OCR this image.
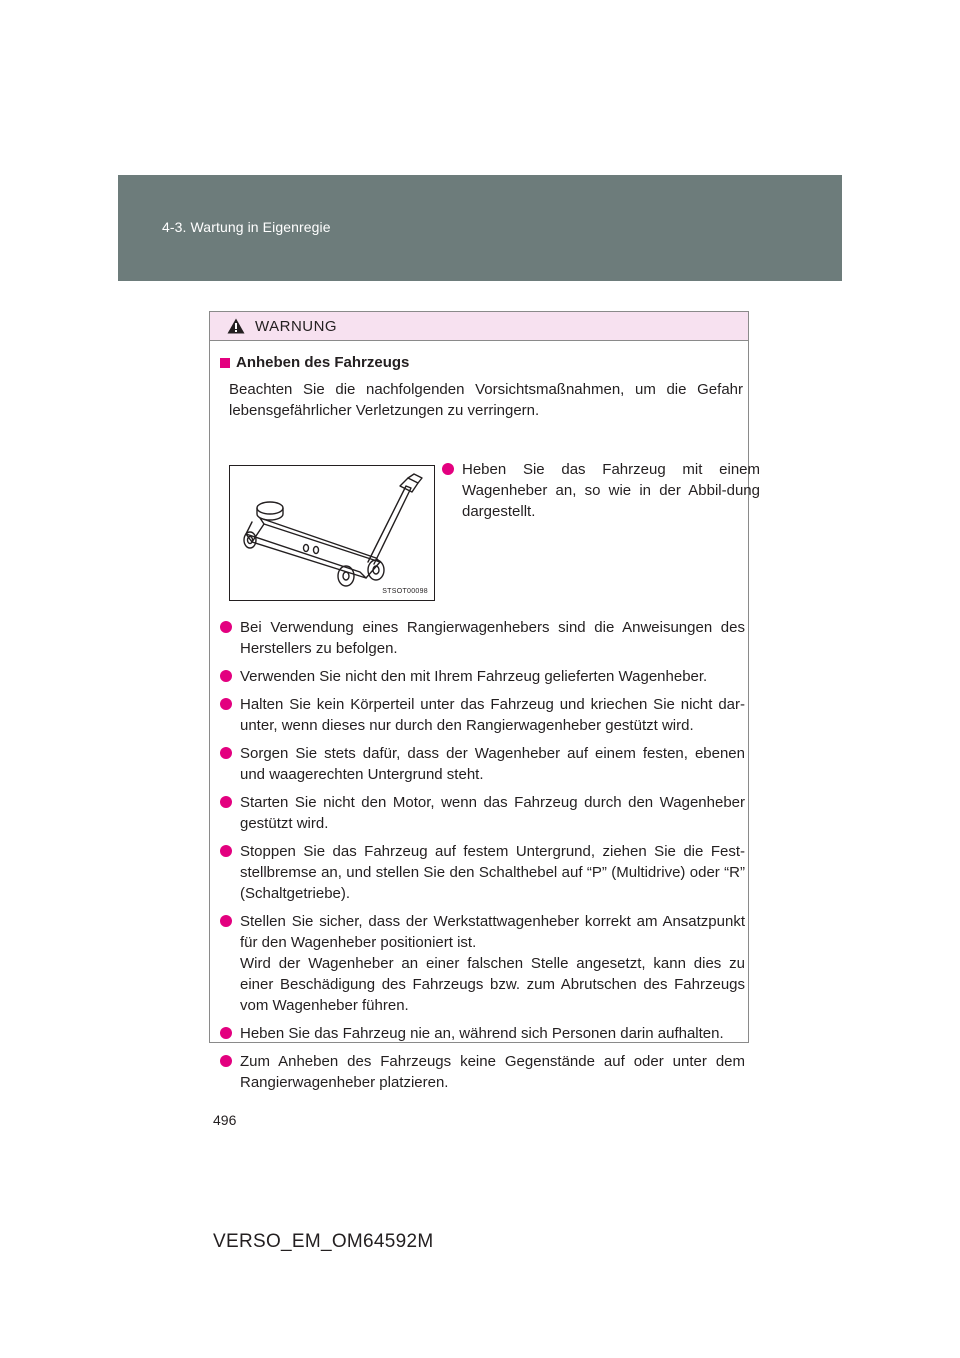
4-3. Wartung in Eigenregie
WARNUNG
Anheben des Fahrzeugs

Beachten Sie die nachfolgenden Vorsichtsmaßnahmen, um die Gefahr lebensgefährlicher Verletzungen zu verringern.

STSOT00098
Heben Sie das Fahrzeug mit einem Wagenheber an, so wie in der Abbil-dung dargestellt.
Bei Verwendung eines Rangierwagenhebers sind die Anweisungen des Herstellers zu befolgen.
Verwenden Sie nicht den mit Ihrem Fahrzeug gelieferten Wagenheber.
Halten Sie kein Körperteil unter das Fahrzeug und kriechen Sie nicht dar-unter, wenn dieses nur durch den Rangierwagenheber gestützt wird.
Sorgen Sie stets dafür, dass der Wagenheber auf einem festen, ebenen und waagerechten Untergrund steht.
Starten Sie nicht den Motor, wenn das Fahrzeug durch den Wagenheber gestützt wird.
Stoppen Sie das Fahrzeug auf festem Untergrund, ziehen Sie die Fest-stellbremse an, und stellen Sie den Schalthebel auf “P” (Multidrive) oder “R” (Schaltgetriebe).
Stellen Sie sicher, dass der Werkstattwagenheber korrekt am Ansatzpunkt für den Wagenheber positioniert ist.
Wird der Wagenheber an einer falschen Stelle angesetzt, kann dies zu einer Beschädigung des Fahrzeugs bzw. zum Abrutschen des Fahrzeugs vom Wagenheber führen.
Heben Sie das Fahrzeug nie an, während sich Personen darin aufhalten.
Zum Anheben des Fahrzeugs keine Gegenstände auf oder unter dem Rangierwagenheber platzieren.
496
VERSO_EM_OM64592M
